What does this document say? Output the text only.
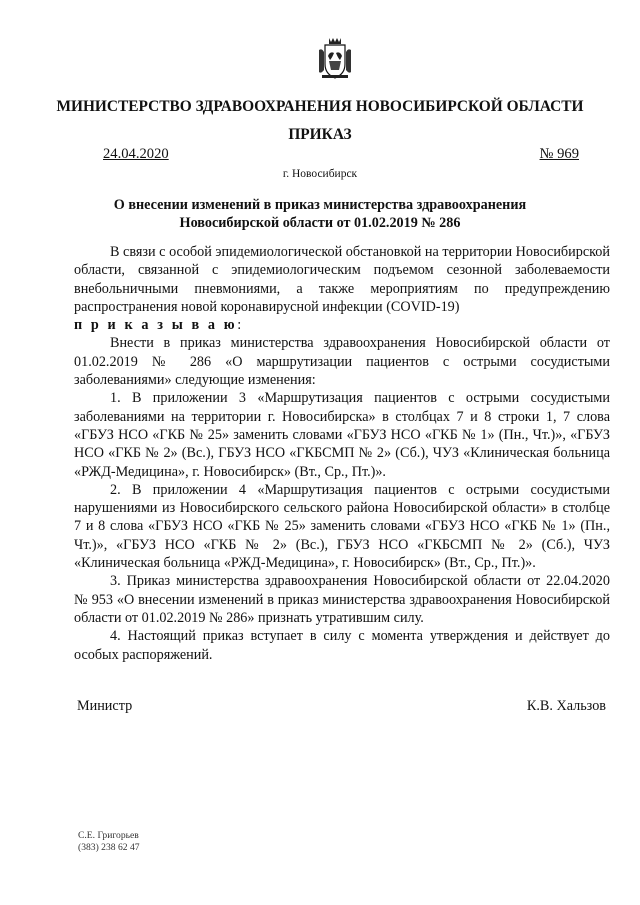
МИНИСТЕРСТВО ЗДРАВООХРАНЕНИЯ НОВОСИБИРСКОЙ ОБЛАСТИ
ПРИКАЗ
24.04.2020	№ 969
г. Новосибирск
О внесении изменений в приказ министерства здравоохранения
Новосибирской области от 01.02.2019 № 286

В связи с особой эпидемиологической обстановкой на территории Новосибирской области, связанной с эпидемиологическим подъемом сезонной заболеваемости внебольничными пневмониями, а также мероприятиям по предупреждению распространения новой коронавирусной инфекции (COVID-19)

п р и к а з ы в а ю:

Внести в приказ министерства здравоохранения Новосибирской области от 01.02.2019 № 286 «О маршрутизации пациентов с острыми сосудистыми заболеваниями» следующие изменения:

1. В приложении 3 «Маршрутизация пациентов с острыми сосудистыми заболеваниями на территории г. Новосибирска» в столбцах 7 и 8 строки 1, 7 слова «ГБУЗ НСО «ГКБ № 25» заменить словами «ГБУЗ НСО «ГКБ № 1» (Пн., Чт.)», «ГБУЗ НСО «ГКБ № 2» (Вс.), ГБУЗ НСО «ГКБСМП № 2» (Сб.), ЧУЗ «Клиническая больница «РЖД-Медицина», г. Новосибирск» (Вт., Ср., Пт.)».

2. В приложении 4 «Маршрутизация пациентов с острыми сосудистыми нарушениями из Новосибирского сельского района Новосибирской области» в столбце 7 и 8 слова «ГБУЗ НСО «ГКБ № 25» заменить словами «ГБУЗ НСО «ГКБ № 1» (Пн., Чт.)», «ГБУЗ НСО «ГКБ № 2» (Вс.), ГБУЗ НСО «ГКБСМП № 2» (Сб.), ЧУЗ «Клиническая больница «РЖД-Медицина», г. Новосибирск» (Вт., Ср., Пт.)».

3. Приказ министерства здравоохранения Новосибирской области от 22.04.2020 № 953 «О внесении изменений в приказ министерства здравоохранения Новосибирской области от 01.02.2019 № 286» признать утратившим силу.

4. Настоящий приказ вступает в силу с момента утверждения и действует до особых распоряжений.

Министр	К.В. Хальзов
С.Е. Григорьев
(383) 238 62 47
